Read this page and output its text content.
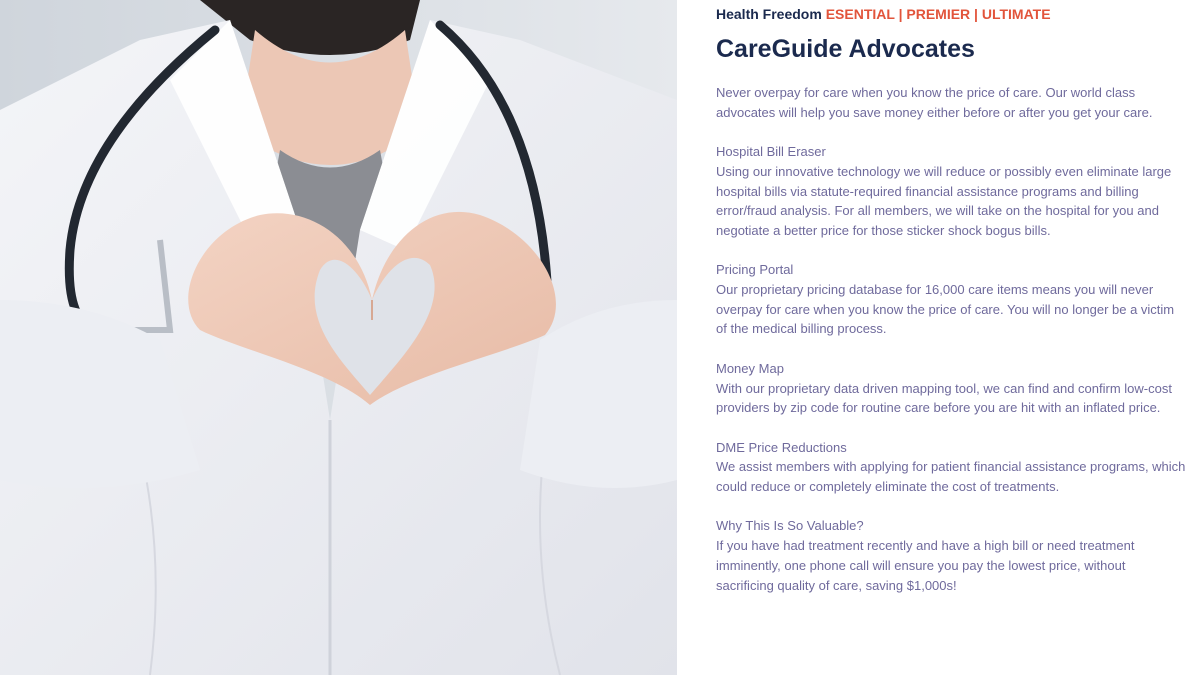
Health Freedom ESENTIAL | PREMIER | ULTIMATE
CareGuide Advocates

Never overpay for care when you know the price of care. Our world class advocates will help you save money either before or after you get your care.

Hospital Bill Eraser
Using our innovative technology we will reduce or possibly even eliminate large hospital bills via statute-required financial assistance programs and billing error/fraud analysis. For all members, we will take on the hospital for you and negotiate a better price for those sticker shock bogus bills.

Pricing Portal
Our proprietary pricing database for 16,000 care items means you will never overpay for care when you know the price of care. You will no longer be a victim of the medical billing process.

Money Map
With our proprietary data driven mapping tool, we can find and confirm low-cost providers by zip code for routine care before you are hit with an inflated price.

DME Price Reductions
We assist members with applying for patient financial assistance programs, which could reduce or completely eliminate the cost of treatments.

Why This Is So Valuable?
If you have had treatment recently and have a high bill or need treatment imminently, one phone call will ensure you pay the lowest price, without sacrificing quality of care, saving $1,000s!
